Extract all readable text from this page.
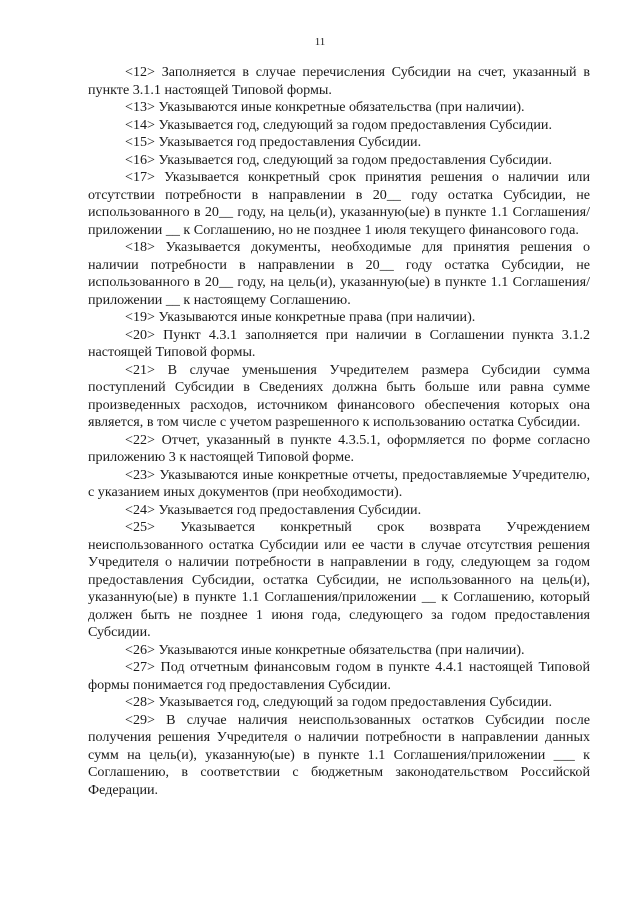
11

<12> Заполняется в случае перечисления Субсидии на счет, указанный в пункте 3.1.1 настоящей Типовой формы.

<13> Указываются иные конкретные обязательства (при наличии).

<14> Указывается год, следующий за годом предоставления Субсидии.

<15> Указывается год предоставления Субсидии.

<16> Указывается год, следующий за годом предоставления Субсидии.

<17> Указывается конкретный срок принятия решения о наличии или отсутствии потребности в направлении в 20__ году остатка Субсидии, не использованного в 20__ году, на цель(и), указанную(ые) в пункте 1.1 Соглашения/приложении __ к Соглашению, но не позднее 1 июля текущего финансового года.

<18> Указывается документы, необходимые для принятия решения о наличии потребности в направлении в 20__ году остатка Субсидии, не использованного в 20__ году, на цель(и), указанную(ые) в пункте 1.1 Соглашения/приложении __ к настоящему Соглашению.

<19> Указываются иные конкретные права (при наличии).

<20> Пункт 4.3.1 заполняется при наличии в Соглашении пункта 3.1.2 настоящей Типовой формы.

<21> В случае уменьшения Учредителем размера Субсидии сумма поступлений Субсидии в Сведениях должна быть больше или равна сумме произведенных расходов, источником финансового обеспечения которых она является, в том числе с учетом разрешенного к использованию остатка Субсидии.

<22> Отчет, указанный в пункте 4.3.5.1, оформляется по форме согласно приложению 3 к настоящей Типовой форме.

<23> Указываются иные конкретные отчеты, предоставляемые Учредителю, с указанием иных документов (при необходимости).

<24> Указывается год предоставления Субсидии.

<25> Указывается конкретный срок возврата Учреждением неиспользованного остатка Субсидии или ее части в случае отсутствия решения Учредителя о наличии потребности в направлении в году, следующем за годом предоставления Субсидии, остатка Субсидии, не использованного на цель(и), указанную(ые) в пункте 1.1 Соглашения/приложении __ к Соглашению, который должен быть не позднее 1 июня года, следующего за годом предоставления Субсидии.

<26> Указываются иные конкретные обязательства (при наличии).

<27> Под отчетным финансовым годом в пункте 4.4.1 настоящей Типовой формы понимается год предоставления Субсидии.

<28> Указывается год, следующий за годом предоставления Субсидии.

<29> В случае наличия неиспользованных остатков Субсидии после получения решения Учредителя о наличии потребности в направлении данных сумм на цель(и), указанную(ые) в пункте 1.1 Соглашения/приложении ___ к Соглашению, в соответствии с бюджетным законодательством Российской Федерации.
